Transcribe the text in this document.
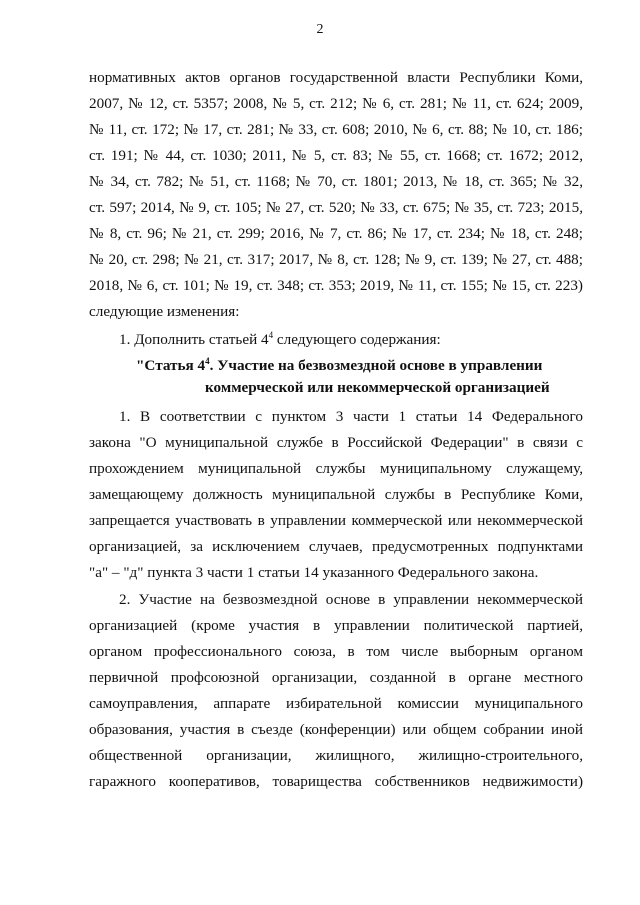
2
нормативных актов органов государственной власти Республики Коми,
2007, № 12, ст. 5357; 2008, № 5, ст. 212; № 6, ст. 281; № 11, ст. 624; 2009,
№ 11, ст. 172; № 17, ст. 281; № 33, ст. 608; 2010, № 6, ст. 88; № 10, ст. 186;
ст. 191; № 44, ст. 1030; 2011, № 5, ст. 83; № 55, ст. 1668; ст. 1672; 2012,
№ 34, ст. 782; № 51, ст. 1168; № 70, ст. 1801; 2013, № 18, ст. 365; № 32,
ст. 597; 2014, № 9, ст. 105; № 27, ст. 520; № 33, ст. 675; № 35, ст. 723; 2015,
№ 8, ст. 96; № 21, ст. 299; 2016, № 7, ст. 86; № 17, ст. 234; № 18, ст. 248;
№ 20, ст. 298; № 21, ст. 317; 2017, № 8, ст. 128; № 9, ст. 139; № 27, ст. 488;
2018, № 6, ст. 101; № 19, ст. 348; ст. 353; 2019, № 11, ст. 155; № 15, ст. 223)
следующие изменения:
1. Дополнить статьей $4^4$ следующего содержания:
"Статья $4^4$. Участие на безвозмездной основе в управлении
коммерческой или некоммерческой организацией
1. В соответствии с пунктом 3 части 1 статьи 14 Федерального
закона "О муниципальной службе в Российской Федерации" в связи с
прохождением муниципальной службы муниципальному служащему,
замещающему должность муниципальной службы в Республике Коми,
запрещается участвовать в управлении коммерческой или некоммерческой
организацией, за исключением случаев, предусмотренных подпунктами
"а" – "д" пункта 3 части 1 статьи 14 указанного Федерального закона.
2. Участие на безвозмездной основе в управлении некоммерческой
организацией (кроме участия в управлении политической партией,
органом профессионального союза, в том числе выборным органом
первичной профсоюзной организации, созданной в органе местного
самоуправления, аппарате избирательной комиссии муниципального
образования, участия в съезде (конференции) или общем собрании иной
общественной организации, жилищного, жилищно-строительного,
гаражного кооперативов, товарищества собственников недвижимости)
